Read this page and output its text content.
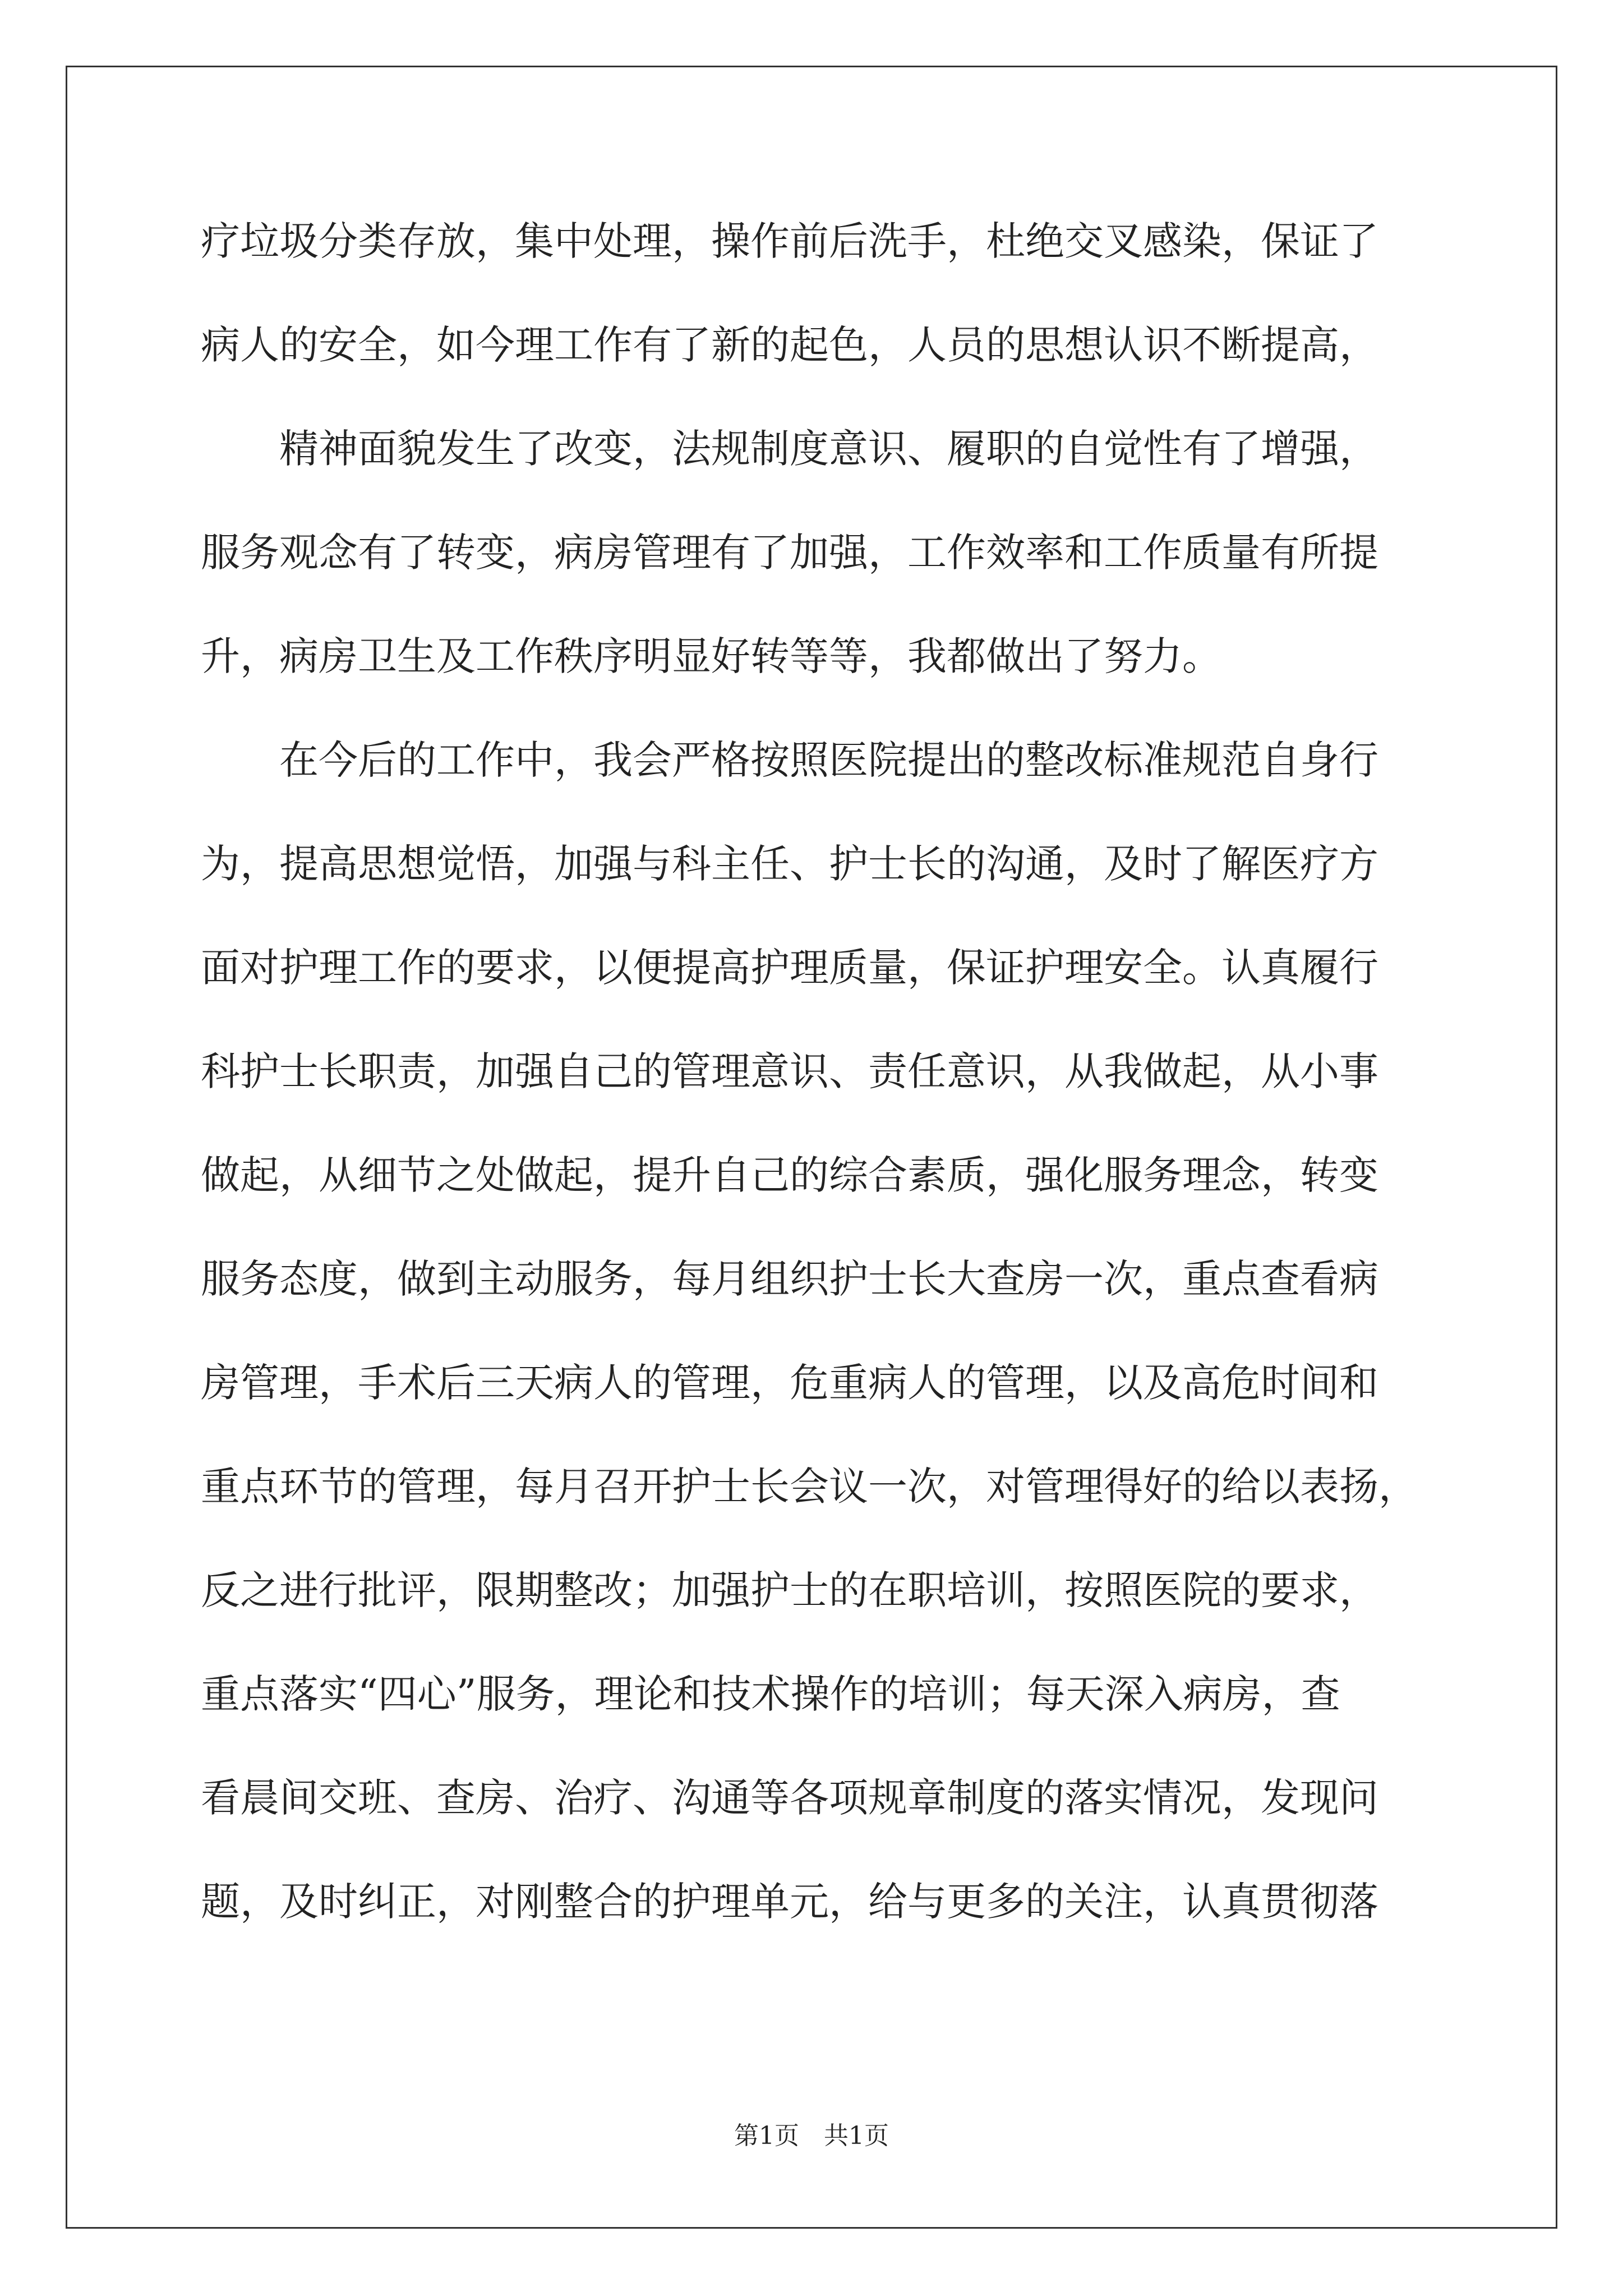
疗垃圾分类存放，集中处理，操作前后洗手，杜绝交叉感染，保证了
病人的安全，如今理工作有了新的起色，人员的思想认识不断提高，
精神面貌发生了改变，法规制度意识、履职的自觉性有了增强，
服务观念有了转变，病房管理有了加强，工作效率和工作质量有所提
升，病房卫生及工作秩序明显好转等等，我都做出了努力。
在今后的工作中，我会严格按照医院提出的整改标准规范自身行
为，提高思想觉悟，加强与科主任、护士长的沟通，及时了解医疗方
面对护理工作的要求，以便提高护理质量，保证护理安全。认真履行
科护士长职责，加强自己的管理意识、责任意识，从我做起，从小事
做起，从细节之处做起，提升自己的综合素质，强化服务理念，转变
服务态度，做到主动服务，每月组织护士长大查房一次，重点查看病
房管理，手术后三天病人的管理，危重病人的管理，以及高危时间和
重点环节的管理，每月召开护士长会议一次，对管理得好的给以表扬，
反之进行批评，限期整改；加强护士的在职培训，按照医院的要求，
重点落实“四心”服务，理论和技术操作的培训；每天深入病房，查
看晨间交班、查房、治疗、沟通等各项规章制度的落实情况，发现问
题，及时纠正，对刚整合的护理单元，给与更多的关注，认真贯彻落
第1页　共1页
